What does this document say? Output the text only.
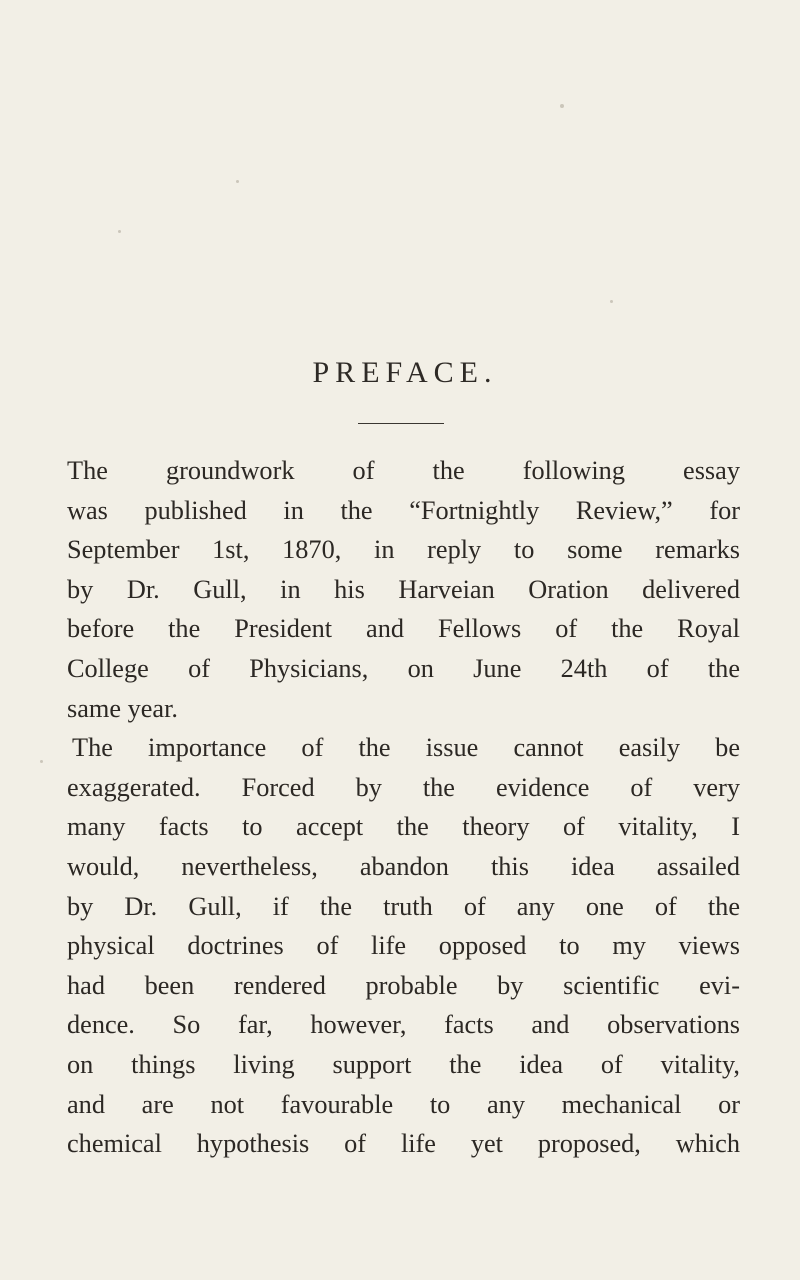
PREFACE.
The groundwork of the following essay
was published in the “Fortnightly Review,” for
September 1st, 1870, in reply to some remarks
by Dr. Gull, in his Harveian Oration delivered
before the President and Fellows of the Royal
College of Physicians, on June 24th of the
same year.
The importance of the issue cannot easily be
exaggerated. Forced by the evidence of very
many facts to accept the theory of vitality, I
would, nevertheless, abandon this idea assailed
by Dr. Gull, if the truth of any one of the
physical doctrines of life opposed to my views
had been rendered probable by scientific evi-
dence. So far, however, facts and observations
on things living support the idea of vitality,
and are not favourable to any mechanical or
chemical hypothesis of life yet proposed, which
